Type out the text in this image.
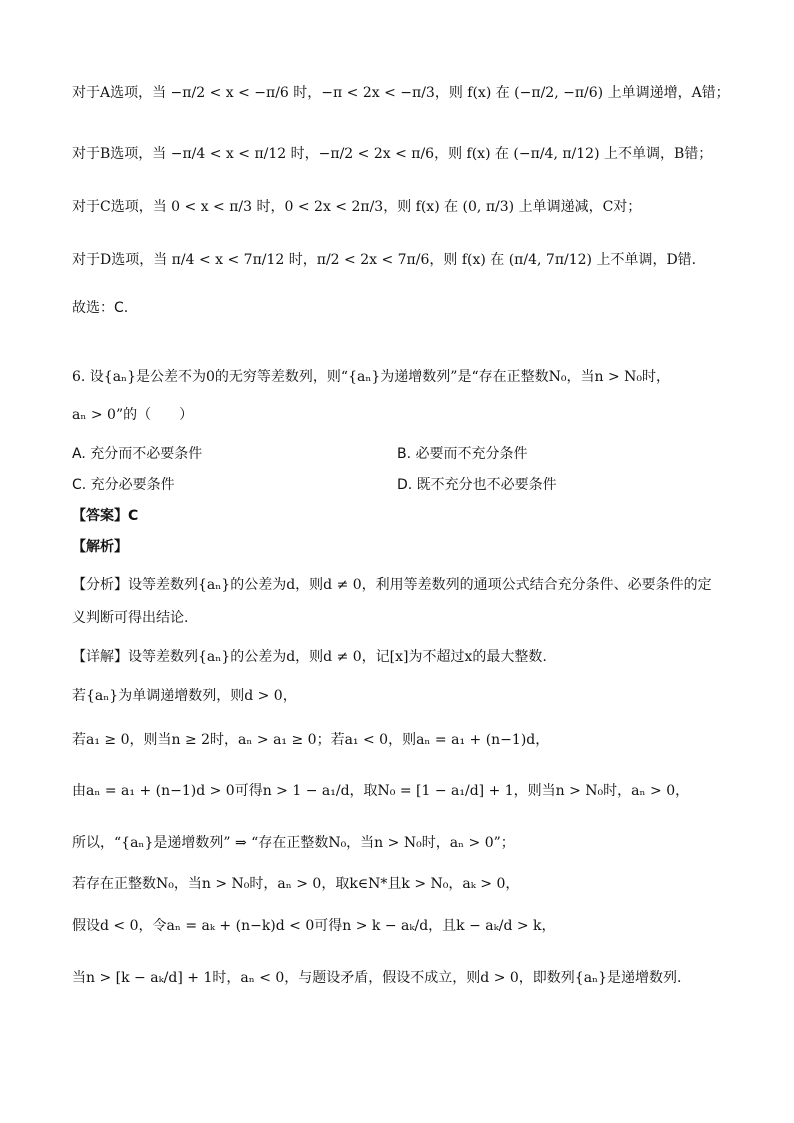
对于A选项，当 −π/2 < x < −π/6 时，−π < 2x < −π/3，则 f(x) 在 (−π/2, −π/6) 上单调递增，A错；
对于B选项，当 −π/4 < x < π/12 时，−π/2 < 2x < π/6，则 f(x) 在 (−π/4, π/12) 上不单调，B错；
对于C选项，当 0 < x < π/3 时，0 < 2x < 2π/3，则 f(x) 在 (0, π/3) 上单调递减，C对；
对于D选项，当 π/4 < x < 7π/12 时，π/2 < 2x < 7π/6，则 f(x) 在 (π/4, 7π/12) 上不单调，D错.
故选：C.
6. 设{aₙ}是公差不为0的无穷等差数列，则“{aₙ}为递增数列”是“存在正整数N₀，当n > N₀时，
aₙ > 0”的（　　）
A. 充分而不必要条件	B. 必要而不充分条件
C. 充分必要条件	D. 既不充分也不必要条件
【答案】C
【解析】
【分析】设等差数列{aₙ}的公差为d，则d ≠ 0，利用等差数列的通项公式结合充分条件、必要条件的定
义判断可得出结论.
【详解】设等差数列{aₙ}的公差为d，则d ≠ 0，记[x]为不超过x的最大整数.
若{aₙ}为单调递增数列，则d > 0，
若a₁ ≥ 0，则当n ≥ 2时，aₙ > a₁ ≥ 0；若a₁ < 0，则aₙ = a₁ + (n−1)d，
由aₙ = a₁ + (n−1)d > 0可得n > 1 − a₁/d，取N₀ = [1 − a₁/d] + 1，则当n > N₀时，aₙ > 0，
所以，“{aₙ}是递增数列” ⇒ “存在正整数N₀，当n > N₀时，aₙ > 0”；
若存在正整数N₀，当n > N₀时，aₙ > 0，取k∈N*且k > N₀，aₖ > 0，
假设d < 0，令aₙ = aₖ + (n−k)d < 0可得n > k − aₖ/d，且k − aₖ/d > k，
当n > [k − aₖ/d] + 1时，aₙ < 0，与题设矛盾，假设不成立，则d > 0，即数列{aₙ}是递增数列.
